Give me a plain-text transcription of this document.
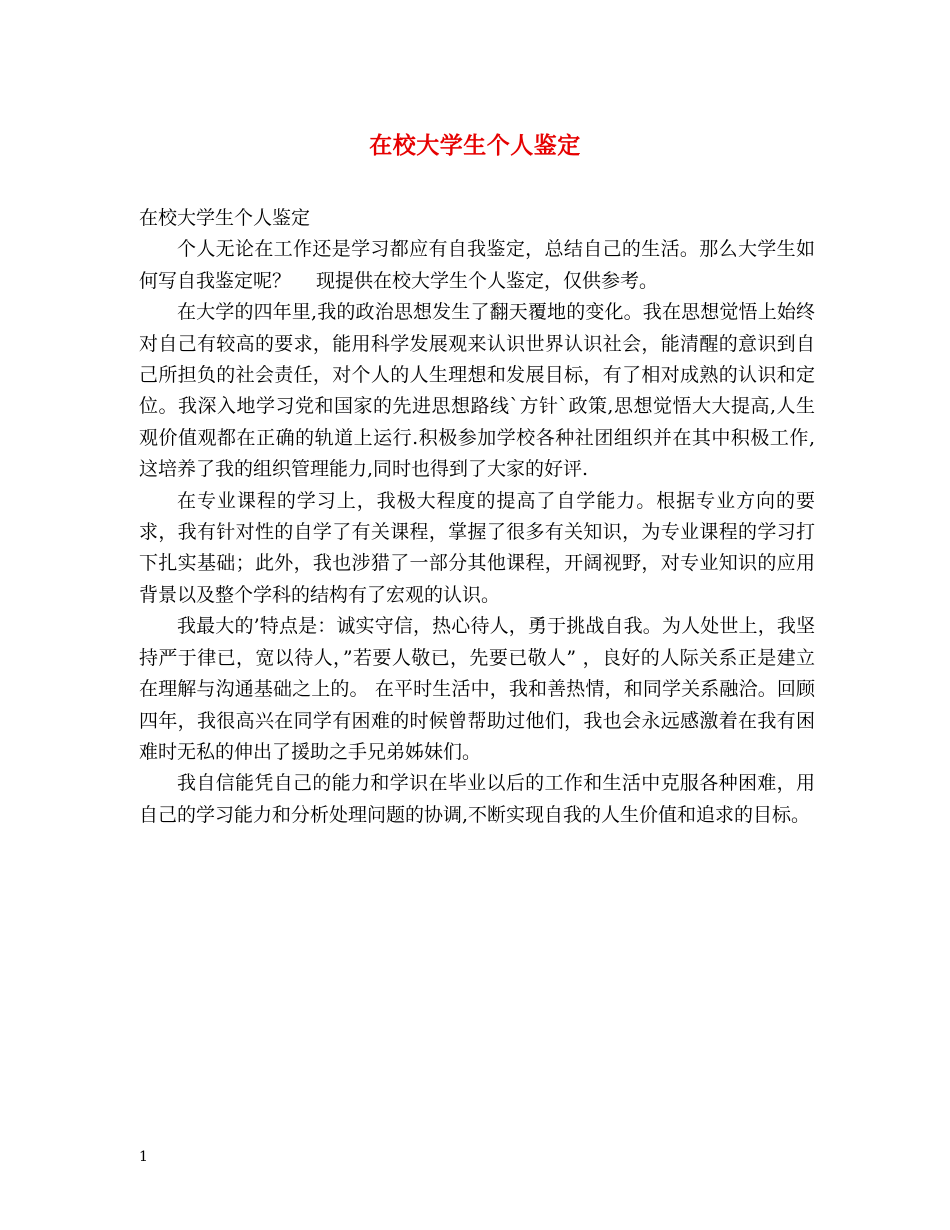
在校大学生个人鉴定

在校大学生个人鉴定

个人无论在工作还是学习都应有自我鉴定，总结自己的生活。那么大学生如何写自我鉴定呢？　 现提供在校大学生个人鉴定，仅供参考。

在大学的四年里,我的政治思想发生了翻天覆地的变化。我在思想觉悟上始终对自己有较高的要求，能用科学发展观来认识世界认识社会，能清醒的意识到自己所担负的社会责任，对个人的人生理想和发展目标，有了相对成熟的认识和定位。我深入地学习党和国家的先进思想路线`方针`政策,思想觉悟大大提高,人生观价值观都在正确的轨道上运行.积极参加学校各种社团组织并在其中积极工作,这培养了我的组织管理能力,同时也得到了大家的好评.

在专业课程的学习上，我极大程度的提高了自学能力。根据专业方向的要求，我有针对性的自学了有关课程，掌握了很多有关知识，为专业课程的学习打下扎实基础；此外，我也涉猎了一部分其他课程，开阔视野，对专业知识的应用背景以及整个学科的结构有了宏观的认识。

我最大的’特点是：诚实守信，热心待人，勇于挑战自我。为人处世上，我坚持严于律已，宽以待人，”若要人敬已，先要已敬人” ，良好的人际关系正是建立在理解与沟通基础之上的。 在平时生活中，我和善热情，和同学关系融洽。回顾四年，我很高兴在同学有困难的时候曾帮助过他们，我也会永远感激着在我有困难时无私的伸出了援助之手兄弟姊妹们。

我自信能凭自己的能力和学识在毕业以后的工作和生活中克服各种困难，用自己的学习能力和分析处理问题的协调,不断实现自我的人生价值和追求的目标。

1
